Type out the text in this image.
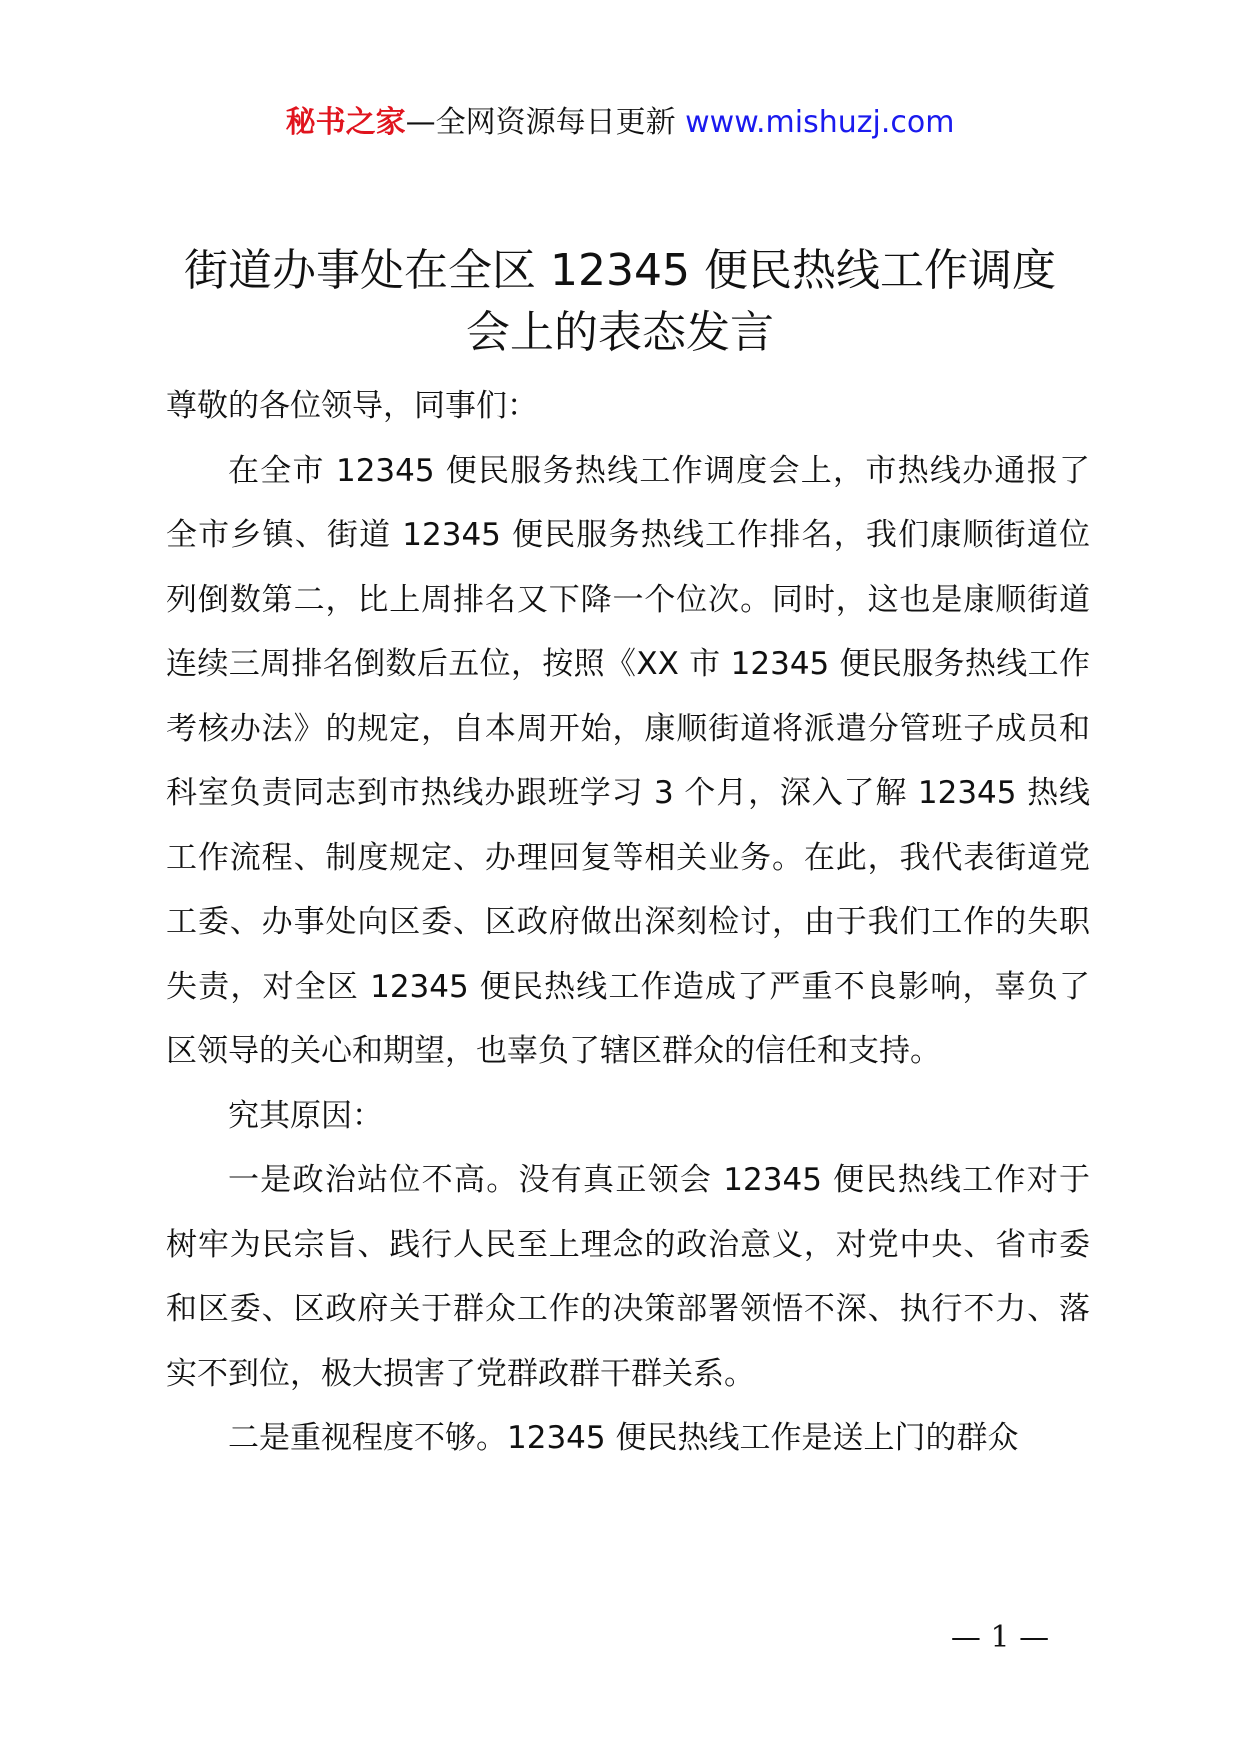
秘书之家—全网资源每日更新 www.mishuzj.com
街道办事处在全区 12345 便民热线工作调度
会上的表态发言

尊敬的各位领导，同事们：

在全市 12345 便民服务热线工作调度会上，市热线办通报了全市乡镇、街道 12345 便民服务热线工作排名，我们康顺街道位列倒数第二，比上周排名又下降一个位次。同时，这也是康顺街道连续三周排名倒数后五位，按照《XX 市 12345 便民服务热线工作考核办法》的规定，自本周开始，康顺街道将派遣分管班子成员和科室负责同志到市热线办跟班学习 3 个月，深入了解 12345 热线工作流程、制度规定、办理回复等相关业务。在此，我代表街道党工委、办事处向区委、区政府做出深刻检讨，由于我们工作的失职失责，对全区 12345 便民热线工作造成了严重不良影响，辜负了区领导的关心和期望，也辜负了辖区群众的信任和支持。

究其原因：

一是政治站位不高。没有真正领会 12345 便民热线工作对于树牢为民宗旨、践行人民至上理念的政治意义，对党中央、省市委和区委、区政府关于群众工作的决策部署领悟不深、执行不力、落实不到位，极大损害了党群政群干群关系。

二是重视程度不够。12345 便民热线工作是送上门的群众

— 1 —
